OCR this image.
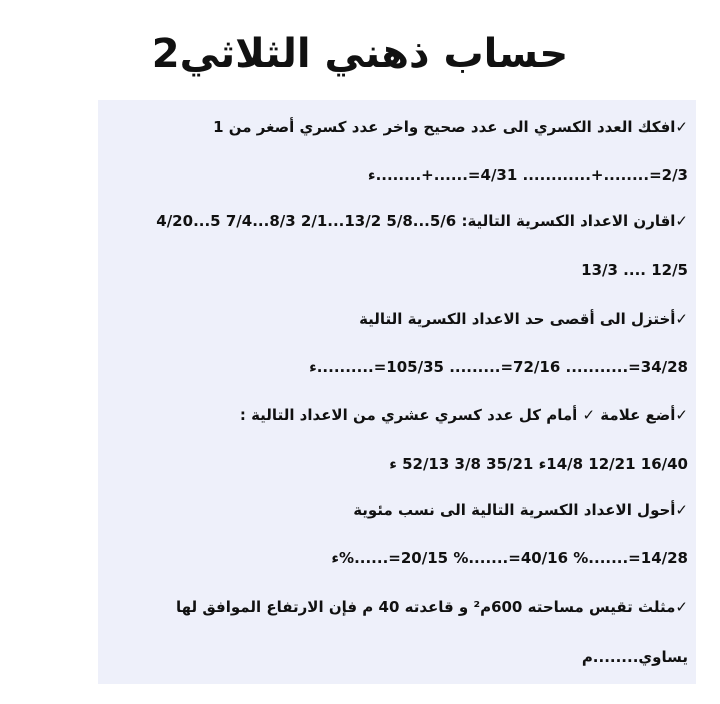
حساب ذهني الثلاثي2
✓افكك العدد الكسري الى عدد صحيح واخر عدد كسري أصغر من 1
2/3=........+............ 4/31=......+........ء
✓اقارن الاعداد الكسرية التالية: 5/6...5/8 13/2...2/1 8/3...7/4 5...4/20
13/3 .... 12/5
✓أختزل الى أقصى حد الاعداد الكسرية التالية
34/28=........... 72/16=......... 105/35=..........ء
✓أضع علامة ✓ أمام كل عدد كسري عشري من الاعداد التالية :
16/40 12/21 14/8ء 35/21 3/8 52/13 ء
✓أحول الاعداد الكسرية التالية الى نسب مئوية
14/28=.......% 40/16=.......% 20/15=......%ء
✓مثلث تقيس مساحته 600م² و قاعدته 40 م فإن الارتفاع الموافق لها
يساوي........م
